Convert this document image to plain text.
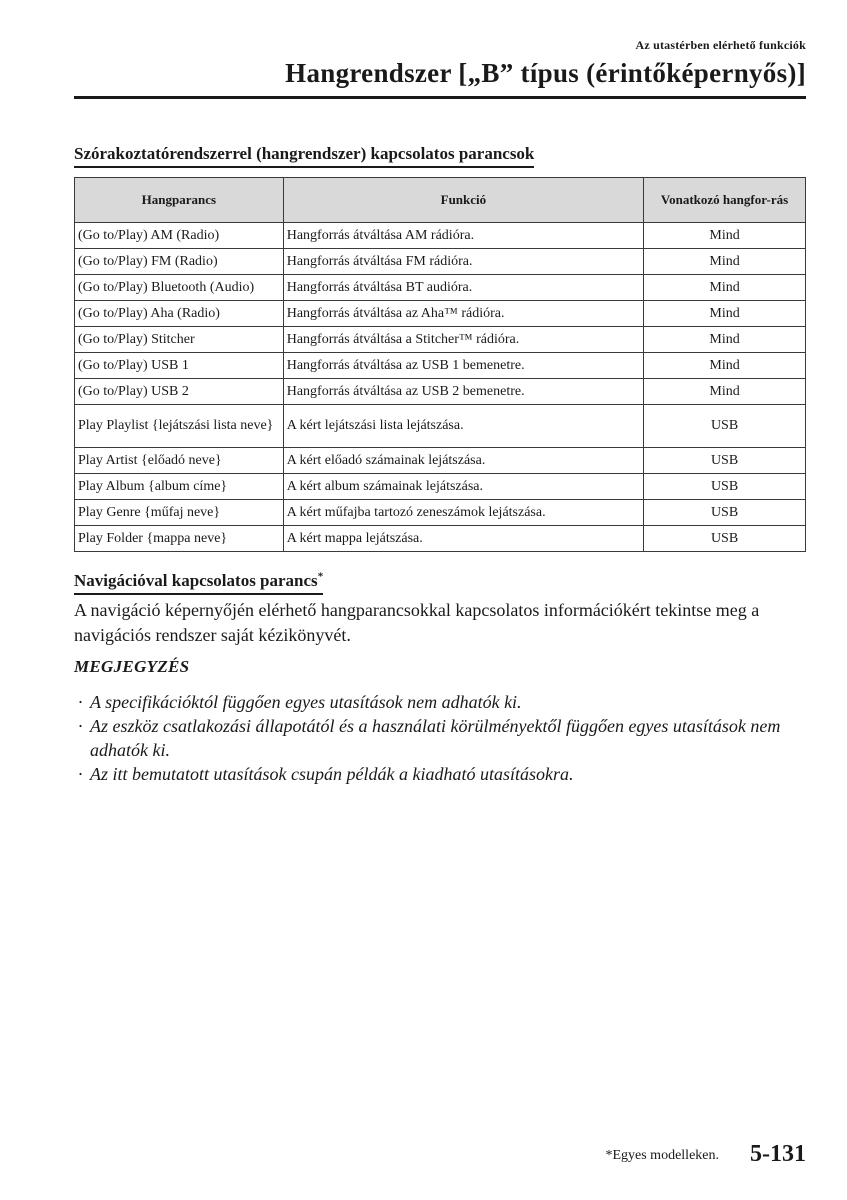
Az utastérben elérhető funkciók
Hangrendszer [„B” típus (érintőképernyős)]
Szórakoztatórendszerrel (hangrendszer) kapcsolatos parancsok
Hangparancs	Funkció	Vonatkozó hangfor-rás
(Go to/Play) AM (Radio)	Hangforrás átváltása AM rádióra.	Mind
(Go to/Play) FM (Radio)	Hangforrás átváltása FM rádióra.	Mind
(Go to/Play) Bluetooth (Audio)	Hangforrás átváltása BT audióra.	Mind
(Go to/Play) Aha (Radio)	Hangforrás átváltása az Aha™ rádióra.	Mind
(Go to/Play) Stitcher	Hangforrás átváltása a Stitcher™ rádióra.	Mind
(Go to/Play) USB 1	Hangforrás átváltása az USB 1 bemenetre.	Mind
(Go to/Play) USB 2	Hangforrás átváltása az USB 2 bemenetre.	Mind
Play Playlist {lejátszási lista neve}	A kért lejátszási lista lejátszása.	USB
Play Artist {előadó neve}	A kért előadó számainak lejátszása.	USB
Play Album {album címe}	A kért album számainak lejátszása.	USB
Play Genre {műfaj neve}	A kért műfajba tartozó zeneszámok lejátszása.	USB
Play Folder {mappa neve}	A kért mappa lejátszása.	USB
Navigációval kapcsolatos parancs*

A navigáció képernyőjén elérhető hangparancsokkal kapcsolatos információkért tekintse meg a navigációs rendszer saját kézikönyvét.

MEGJEGYZÉS
· A specifikációktól függően egyes utasítások nem adhatók ki.
· Az eszköz csatlakozási állapotától és a használati körülményektől függően egyes utasítások nem adhatók ki.
· Az itt bemutatott utasítások csupán példák a kiadható utasításokra.
*Egyes modelleken. 5-131
